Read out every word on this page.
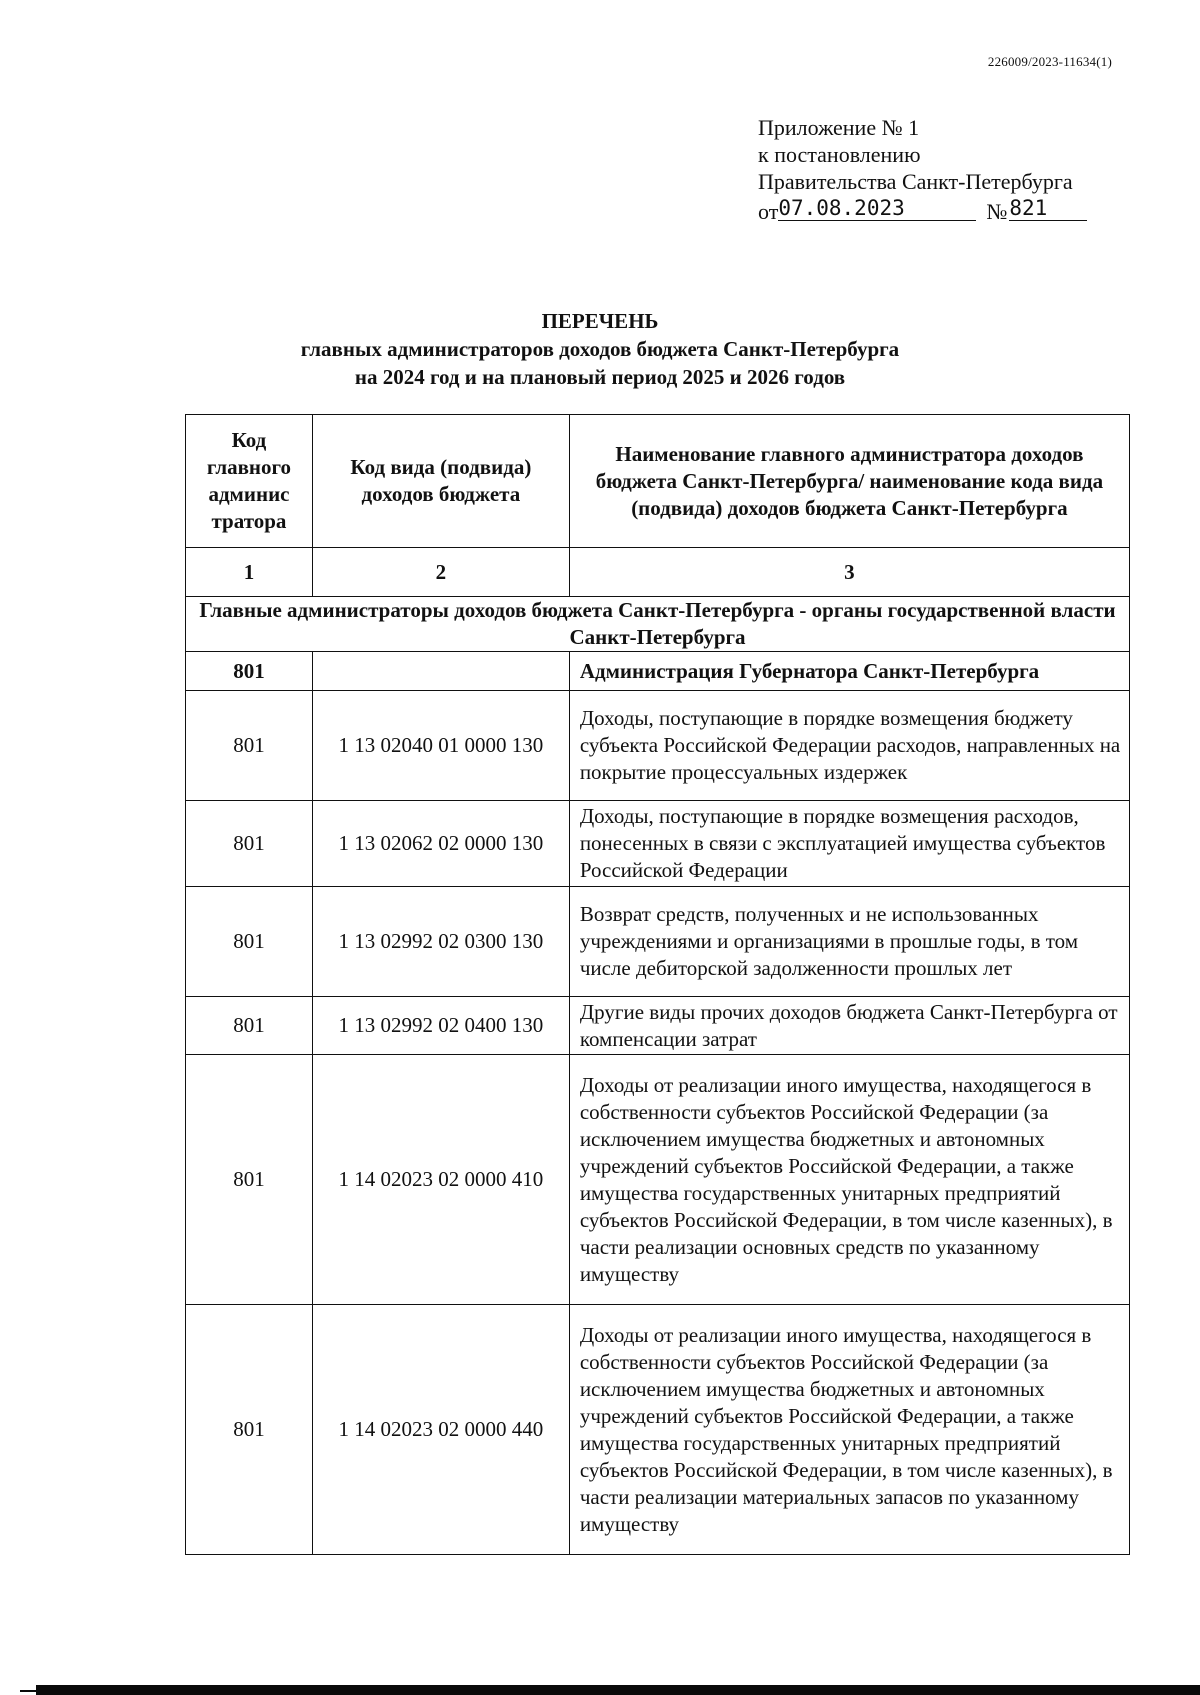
226009/2023-11634(1)
Приложение № 1
к постановлению
Правительства Санкт-Петербурга
от 07.08.2023	№ 821
ПЕРЕЧЕНЬ
главных администраторов доходов бюджета Санкт-Петербурга
на 2024 год и на плановый период 2025 и 2026 годов
Код главного админис тратора	Код вида (подвида) доходов бюджета	Наименование главного администратора доходов бюджета Санкт-Петербурга/ наименование кода вида (подвида) доходов бюджета Санкт-Петербурга
1	2	3
Главные администраторы доходов бюджета Санкт-Петербурга - органы государственной власти Санкт-Петербурга		
801		Администрация Губернатора Санкт-Петербурга
801	1 13 02040 01 0000 130	Доходы, поступающие в порядке возмещения бюджету субъекта Российской Федерации расходов, направленных на покрытие процессуальных издержек
801	1 13 02062 02 0000 130	Доходы, поступающие в порядке возмещения расходов, понесенных в связи с эксплуатацией имущества субъектов Российской Федерации
801	1 13 02992 02 0300 130	Возврат средств, полученных и не использованных учреждениями и организациями в прошлые годы, в том числе дебиторской задолженности прошлых лет
801	1 13 02992 02 0400 130	Другие виды прочих доходов бюджета Санкт-Петербурга от компенсации затрат
801	1 14 02023 02 0000 410	Доходы от реализации иного имущества, находящегося в собственности субъектов Российской Федерации (за исключением имущества бюджетных и автономных учреждений субъектов Российской Федерации, а также имущества государственных унитарных предприятий субъектов Российской Федерации, в том числе казенных), в части реализации основных средств по указанному имуществу
801	1 14 02023 02 0000 440	Доходы от реализации иного имущества, находящегося в собственности субъектов Российской Федерации (за исключением имущества бюджетных и автономных учреждений субъектов Российской Федерации, а также имущества государственных унитарных предприятий субъектов Российской Федерации, в том числе казенных), в части реализации материальных запасов по указанному имуществу
